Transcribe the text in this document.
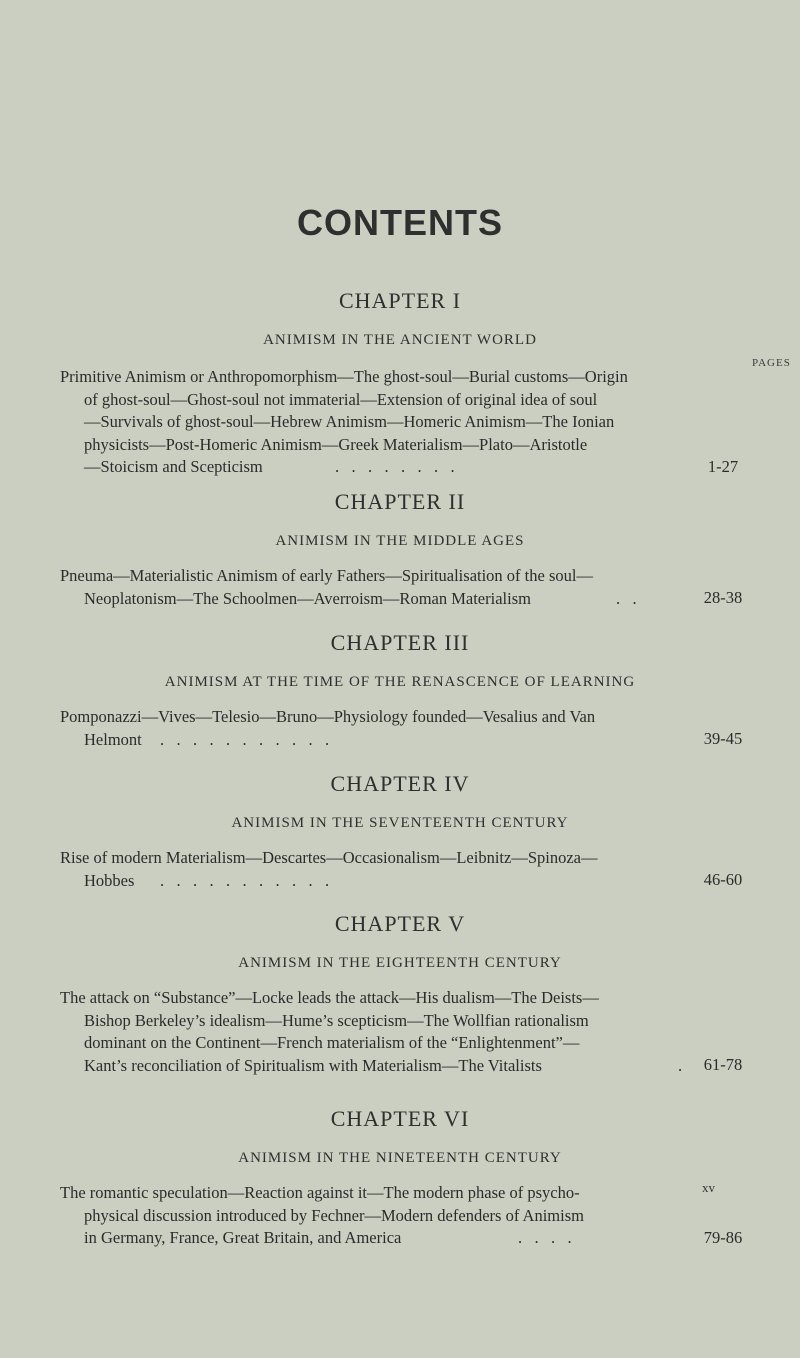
CONTENTS
PAGES
CHAPTER I
ANIMISM IN THE ANCIENT WORLD
Primitive Animism or Anthropomorphism—The ghost-soul—Burial customs—Origin
of ghost-soul—Ghost-soul not immaterial—Extension of original idea of soul
—Survivals of ghost-soul—Hebrew Animism—Homeric Animism—The Ionian
physicists—Post-Homeric Animism—Greek Materialism—Plato—Aristotle
—Stoicism and Scepticism	.   .   .   .   .   .   .   .	1-27
CHAPTER II
ANIMISM IN THE MIDDLE AGES
Pneuma—Materialistic Animism of early Fathers—Spiritualisation of the soul—
Neoplatonism—The Schoolmen—Averroism—Roman Materialism	.   .	28-38
CHAPTER III
ANIMISM AT THE TIME OF THE RENASCENCE OF LEARNING
Pomponazzi—Vives—Telesio—Bruno—Physiology founded—Vesalius and Van
Helmont .   .   .   .   .   .   .   .   .   .   .	39-45
CHAPTER IV
ANIMISM IN THE SEVENTEENTH CENTURY
Rise of modern Materialism—Descartes—Occasionalism—Leibnitz—Spinoza—
Hobbes .   .   .   .   .   .   .   .   .   .   .	46-60
CHAPTER V
ANIMISM IN THE EIGHTEENTH CENTURY
The attack on “Substance”—Locke leads the attack—His dualism—The Deists—
Bishop Berkeley’s idealism—Hume’s scepticism—The Wollfian rationalism
dominant on the Continent—French materialism of the “Enlightenment”—
Kant’s reconciliation of Spiritualism with Materialism—The Vitalists	.	61-78
CHAPTER VI
ANIMISM IN THE NINETEENTH CENTURY
The romantic speculation—Reaction against it—The modern phase of psycho-
physical discussion introduced by Fechner—Modern defenders of Animism
in Germany, France, Great Britain, and America	.   .   .   .	79-86
xv
